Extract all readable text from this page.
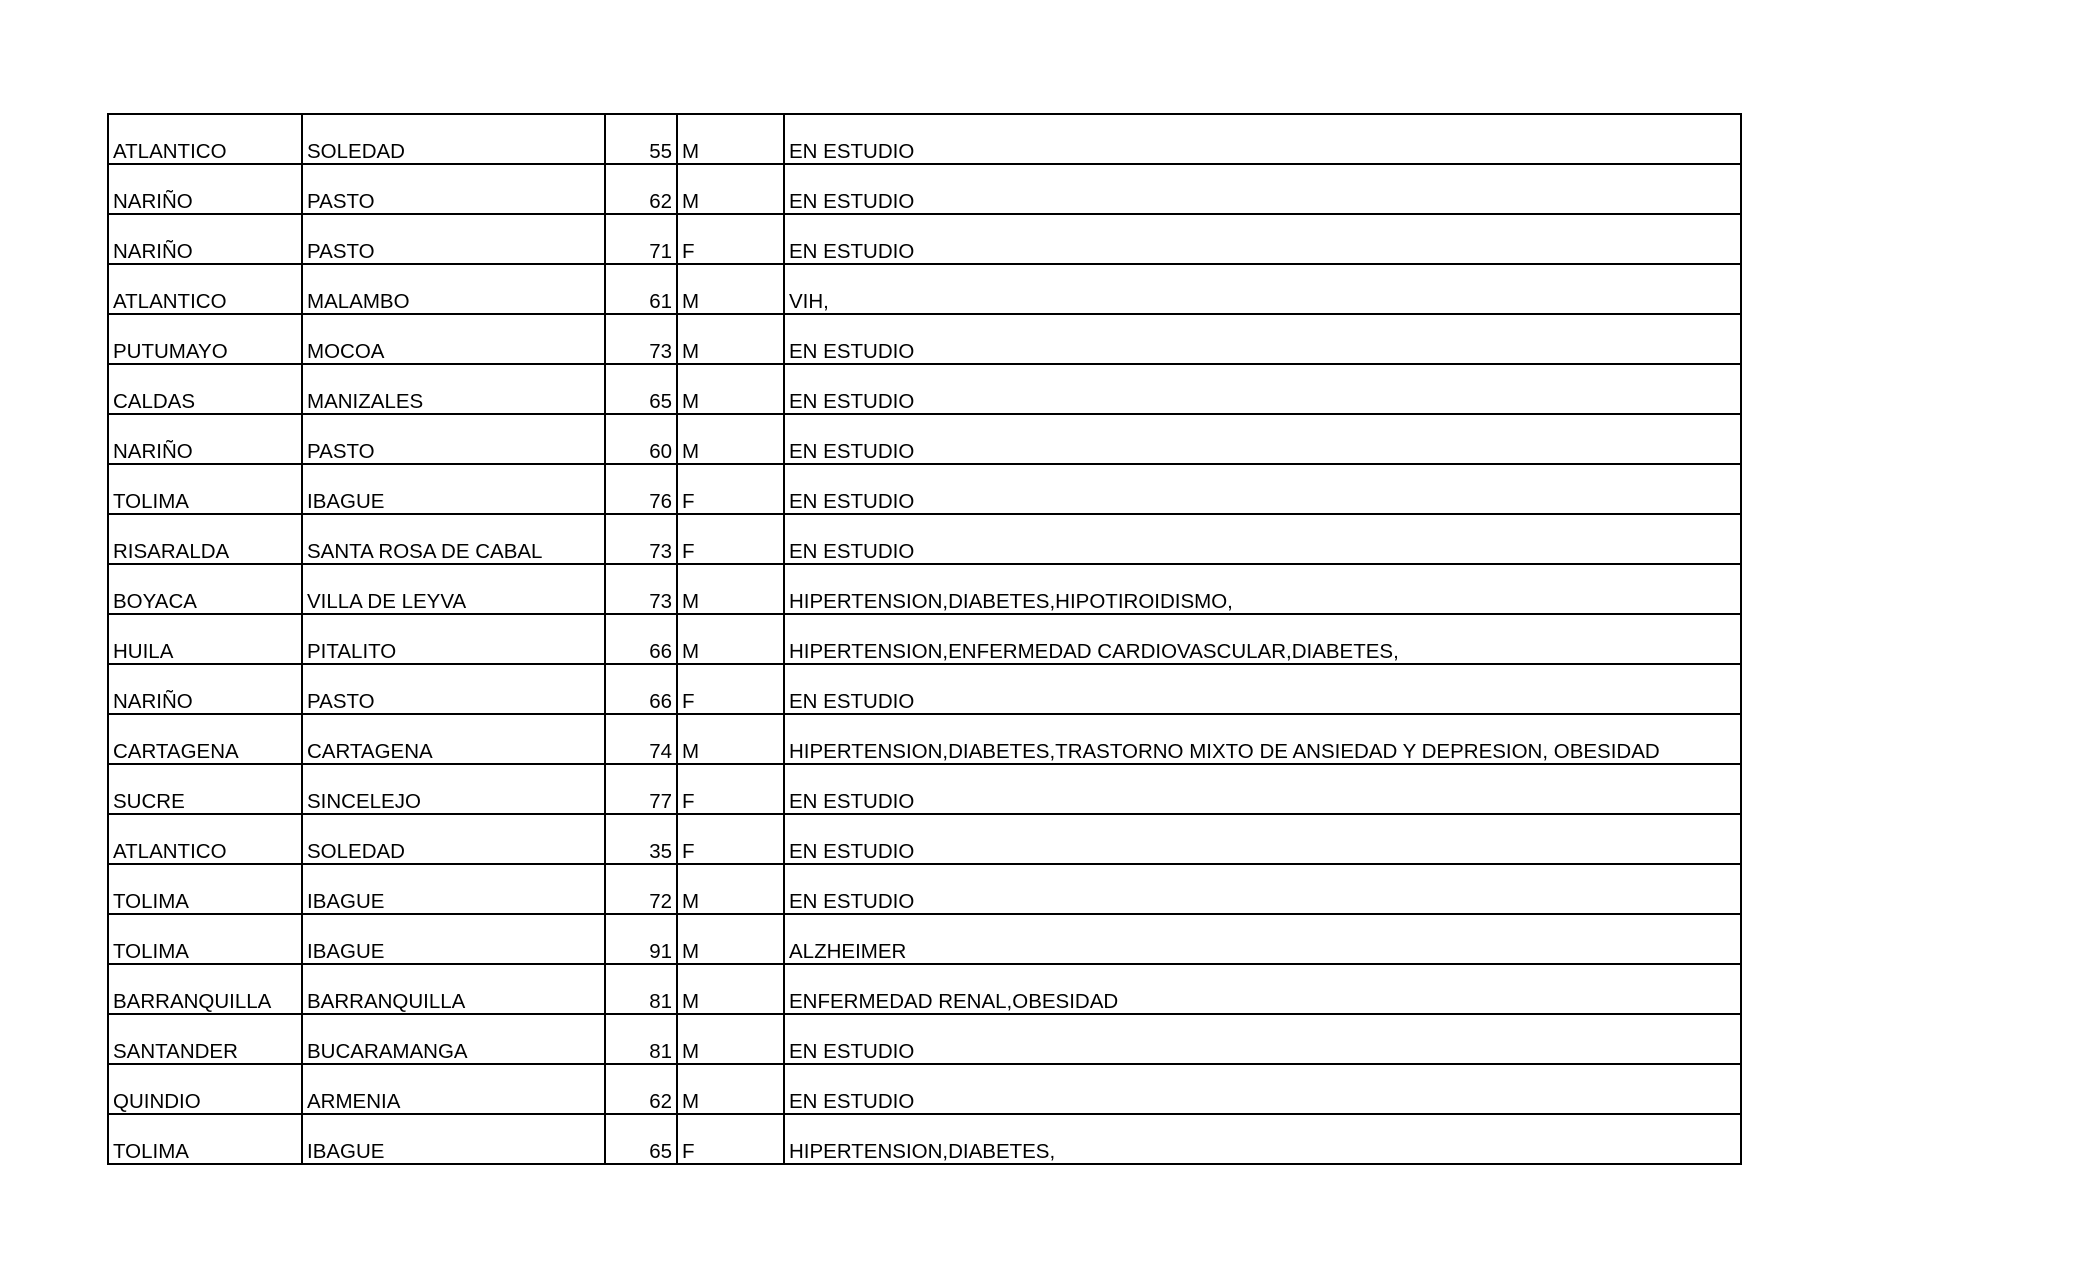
ATLANTICO	SOLEDAD	55	M	EN ESTUDIO
NARIÑO	PASTO	62	M	EN ESTUDIO
NARIÑO	PASTO	71	F	EN ESTUDIO
ATLANTICO	MALAMBO	61	M	VIH,
PUTUMAYO	MOCOA	73	M	EN ESTUDIO
CALDAS	MANIZALES	65	M	EN ESTUDIO
NARIÑO	PASTO	60	M	EN ESTUDIO
TOLIMA	IBAGUE	76	F	EN ESTUDIO
RISARALDA	SANTA ROSA DE CABAL	73	F	EN ESTUDIO
BOYACA	VILLA DE LEYVA	73	M	HIPERTENSION,DIABETES,HIPOTIROIDISMO,
HUILA	PITALITO	66	M	HIPERTENSION,ENFERMEDAD CARDIOVASCULAR,DIABETES,
NARIÑO	PASTO	66	F	EN ESTUDIO
CARTAGENA	CARTAGENA	74	M	HIPERTENSION,DIABETES,TRASTORNO MIXTO DE ANSIEDAD Y DEPRESION, OBESIDAD
SUCRE	SINCELEJO	77	F	EN ESTUDIO
ATLANTICO	SOLEDAD	35	F	EN ESTUDIO
TOLIMA	IBAGUE	72	M	EN ESTUDIO
TOLIMA	IBAGUE	91	M	ALZHEIMER
BARRANQUILLA	BARRANQUILLA	81	M	ENFERMEDAD RENAL,OBESIDAD
SANTANDER	BUCARAMANGA	81	M	EN ESTUDIO
QUINDIO	ARMENIA	62	M	EN ESTUDIO
TOLIMA	IBAGUE	65	F	HIPERTENSION,DIABETES,
